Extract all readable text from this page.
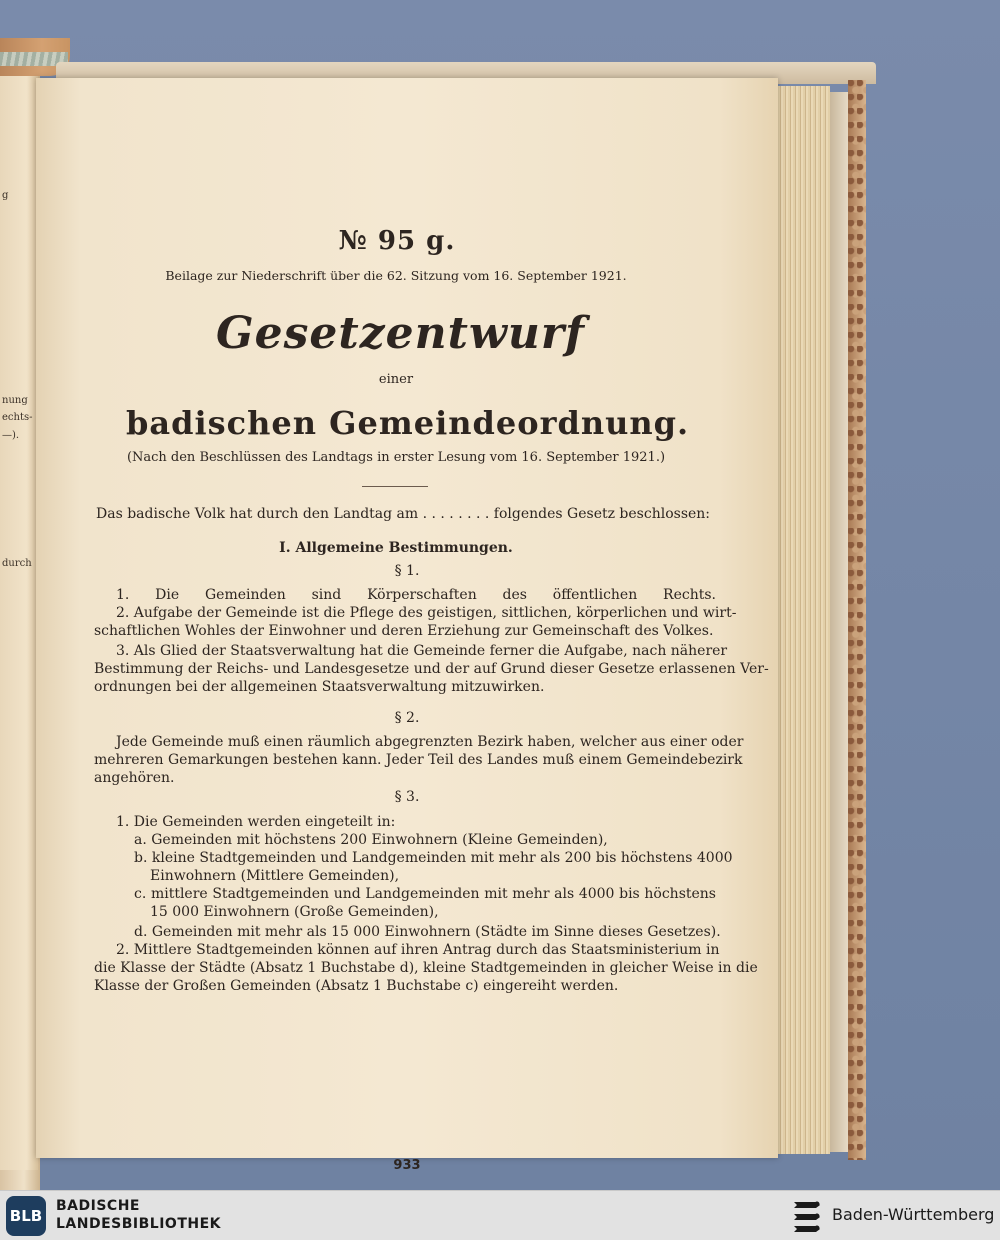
g
nung
echts-
—).
durch
№ 95 g.
Beilage zur Niederschrift über die 62. Sitzung vom 16. September 1921.
Gesetzentwurf
einer
badischen Gemeindeordnung.
(Nach den Beschlüssen des Landtags in erster Lesung vom 16. September 1921.)
Das badische Volk hat durch den Landtag am . . . . . . . . folgendes Gesetz beschlossen:
I. Allgemeine Bestimmungen.
§ 1.
1. Die Gemeinden sind Körperschaften des öffentlichen Rechts.
2. Aufgabe der Gemeinde ist die Pflege des geistigen, sittlichen, körperlichen und wirt-
schaftlichen Wohles der Einwohner und deren Erziehung zur Gemeinschaft des Volkes.
3. Als Glied der Staatsverwaltung hat die Gemeinde ferner die Aufgabe, nach näherer
Bestimmung der Reichs- und Landesgesetze und der auf Grund dieser Gesetze erlassenen Ver-
ordnungen bei der allgemeinen Staatsverwaltung mitzuwirken.
§ 2.
Jede Gemeinde muß einen räumlich abgegrenzten Bezirk haben, welcher aus einer oder
mehreren Gemarkungen bestehen kann. Jeder Teil des Landes muß einem Gemeindebezirk
angehören.
§ 3.
1. Die Gemeinden werden eingeteilt in:
a. Gemeinden mit höchstens 200 Einwohnern (Kleine Gemeinden),
b. kleine Stadtgemeinden und Landgemeinden mit mehr als 200 bis höchstens 4000
Einwohnern (Mittlere Gemeinden),
c. mittlere Stadtgemeinden und Landgemeinden mit mehr als 4000 bis höchstens
15 000 Einwohnern (Große Gemeinden),
d. Gemeinden mit mehr als 15 000 Einwohnern (Städte im Sinne dieses Gesetzes).
2. Mittlere Stadtgemeinden können auf ihren Antrag durch das Staatsministerium in
die Klasse der Städte (Absatz 1 Buchstabe d), kleine Stadtgemeinden in gleicher Weise in die
Klasse der Großen Gemeinden (Absatz 1 Buchstabe c) eingereiht werden.
933
BLB
BADISCHE
LANDESBIBLIOTHEK	Baden-Württemberg
